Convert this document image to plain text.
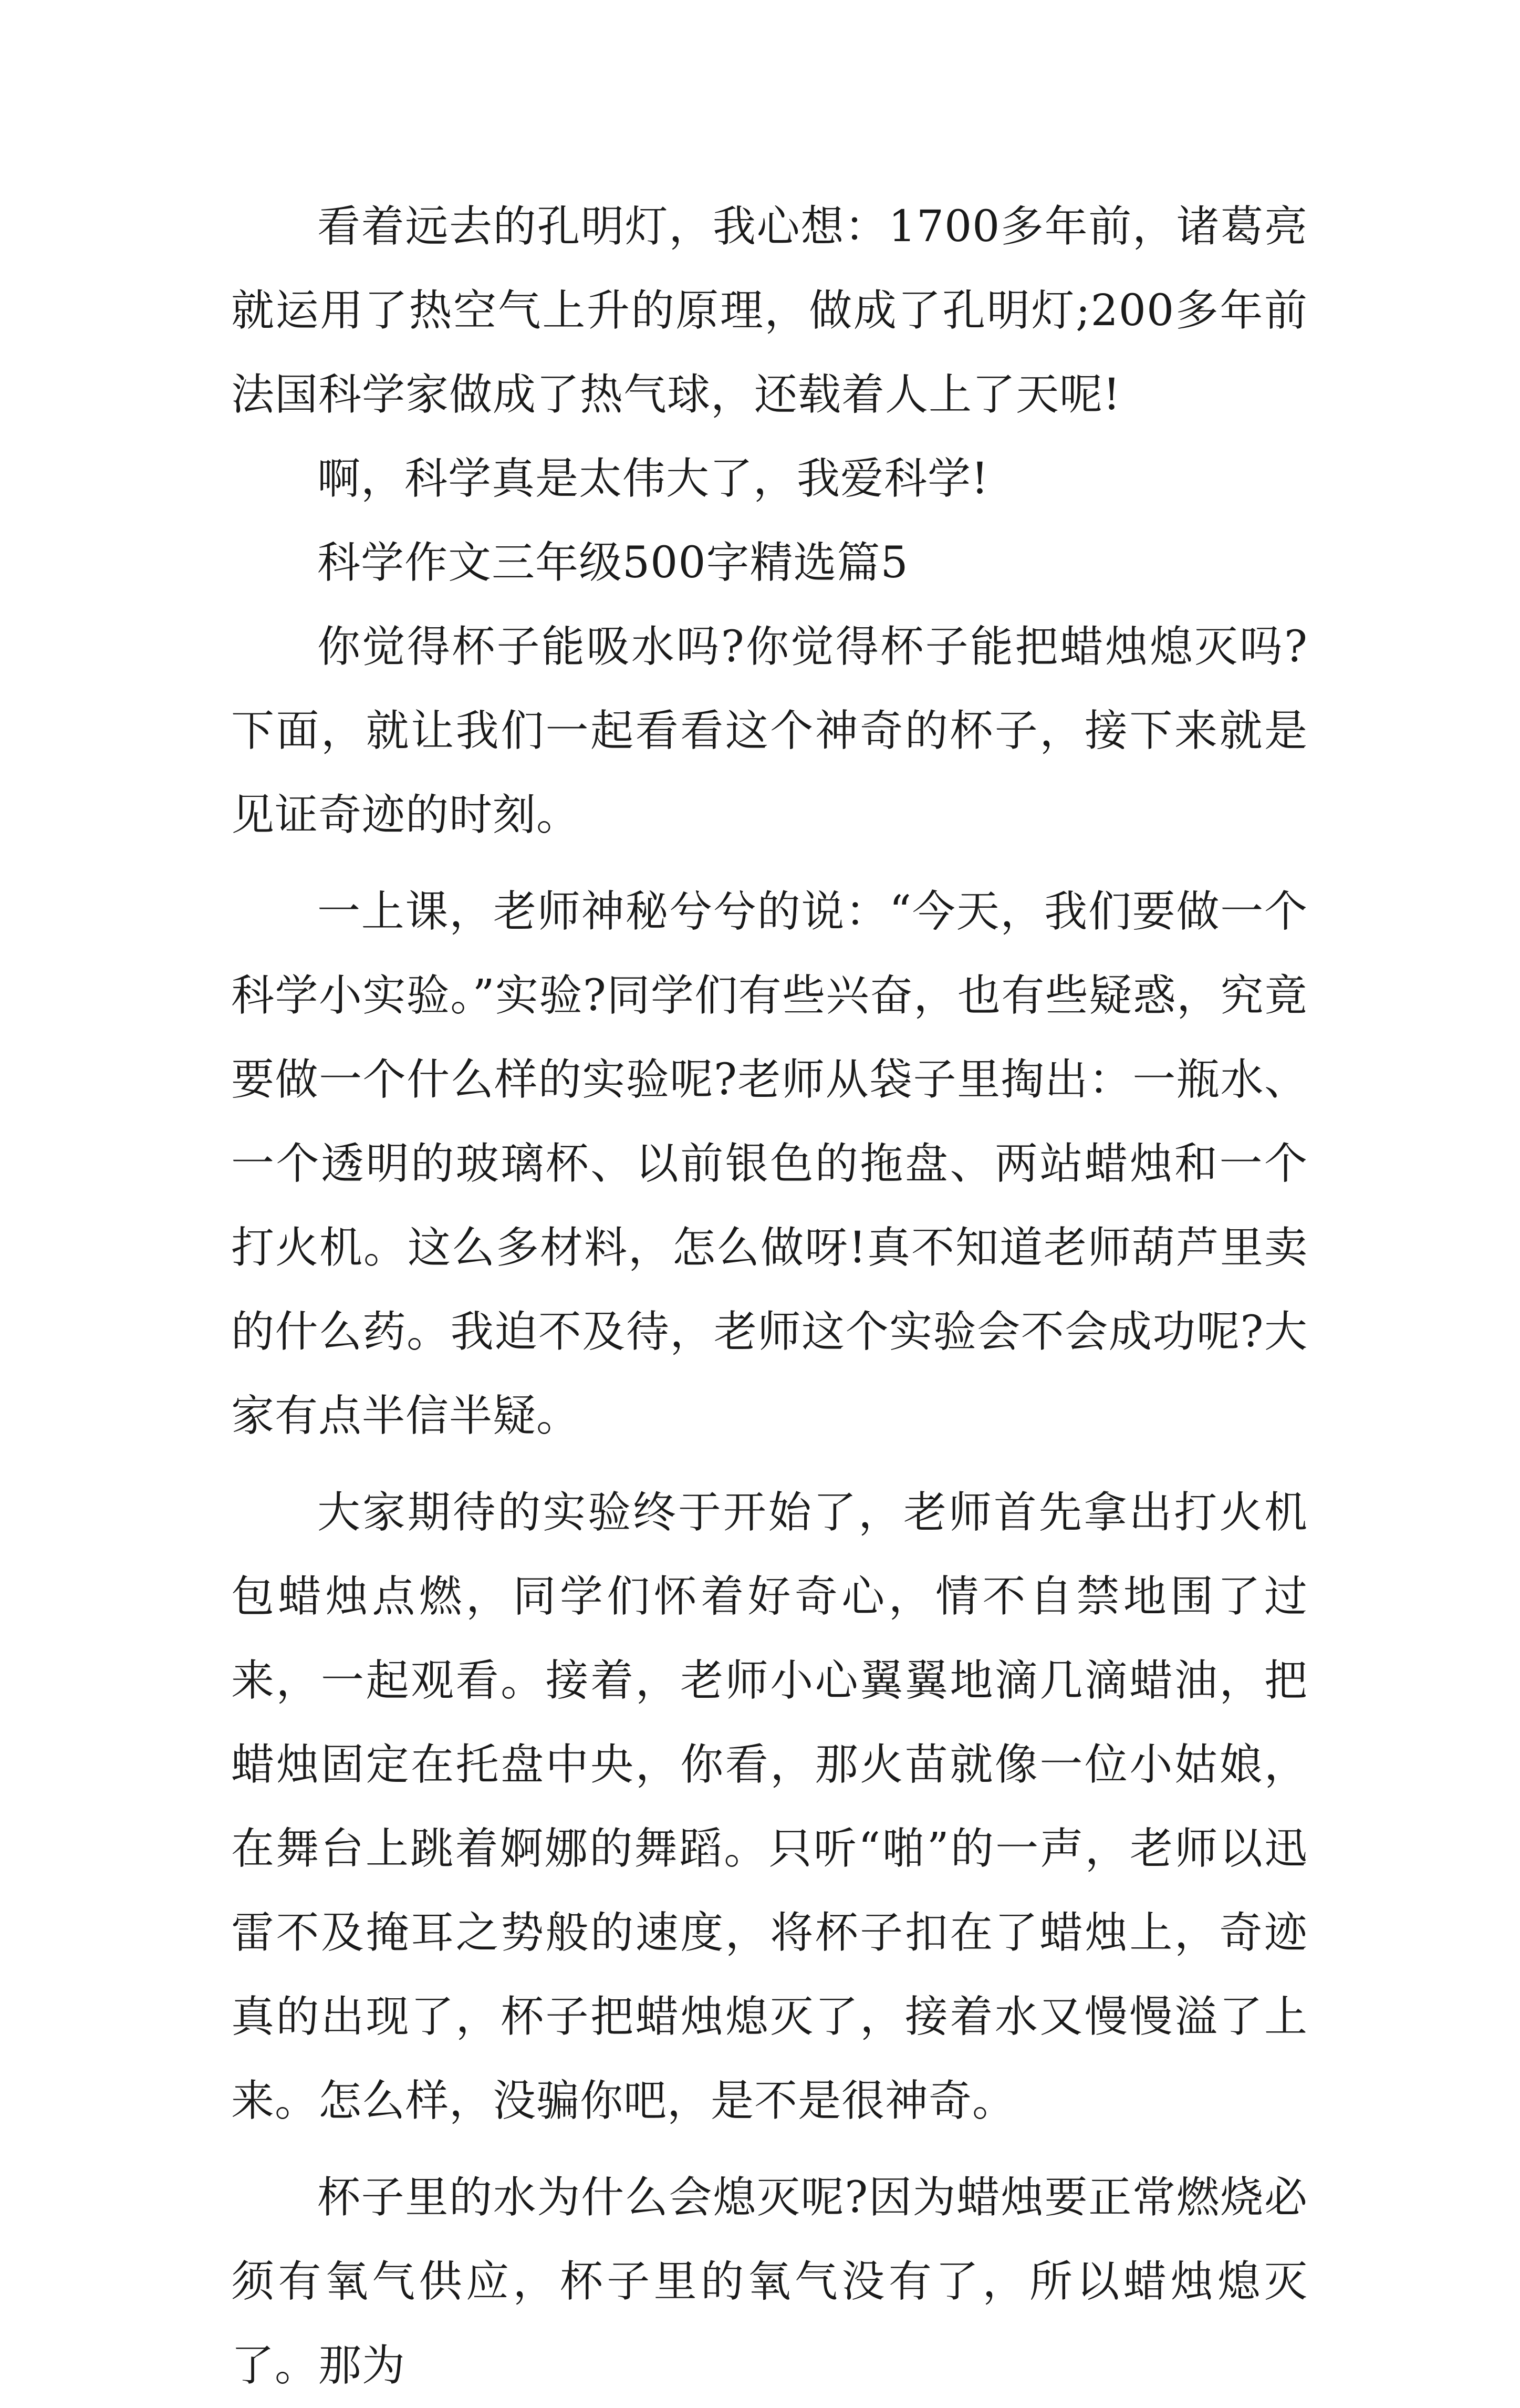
看着远去的孔明灯，我心想：1700多年前，诸葛亮就运用了热空气上升的原理，做成了孔明灯;200多年前法国科学家做成了热气球，还载着人上了天呢!

啊，科学真是太伟大了，我爱科学!

科学作文三年级500字精选篇5

你觉得杯子能吸水吗?你觉得杯子能把蜡烛熄灭吗?下面，就让我们一起看看这个神奇的杯子，接下来就是见证奇迹的时刻。

一上课，老师神秘兮兮的说：“今天，我们要做一个科学小实验。”实验?同学们有些兴奋，也有些疑惑，究竟要做一个什么样的实验呢?老师从袋子里掏出：一瓶水、一个透明的玻璃杯、以前银色的拖盘、两站蜡烛和一个打火机。这么多材料，怎么做呀!真不知道老师葫芦里卖的什么药。我迫不及待，老师这个实验会不会成功呢?大家有点半信半疑。

大家期待的实验终于开始了，老师首先拿出打火机包蜡烛点燃，同学们怀着好奇心，情不自禁地围了过来，一起观看。接着，老师小心翼翼地滴几滴蜡油，把蜡烛固定在托盘中央，你看，那火苗就像一位小姑娘，在舞台上跳着婀娜的舞蹈。只听“啪”的一声，老师以迅雷不及掩耳之势般的速度，将杯子扣在了蜡烛上，奇迹真的出现了，杯子把蜡烛熄灭了，接着水又慢慢溢了上来。怎么样，没骗你吧，是不是很神奇。

杯子里的水为什么会熄灭呢?因为蜡烛要正常燃烧必须有氧气供应，杯子里的氧气没有了，所以蜡烛熄灭了。那为
